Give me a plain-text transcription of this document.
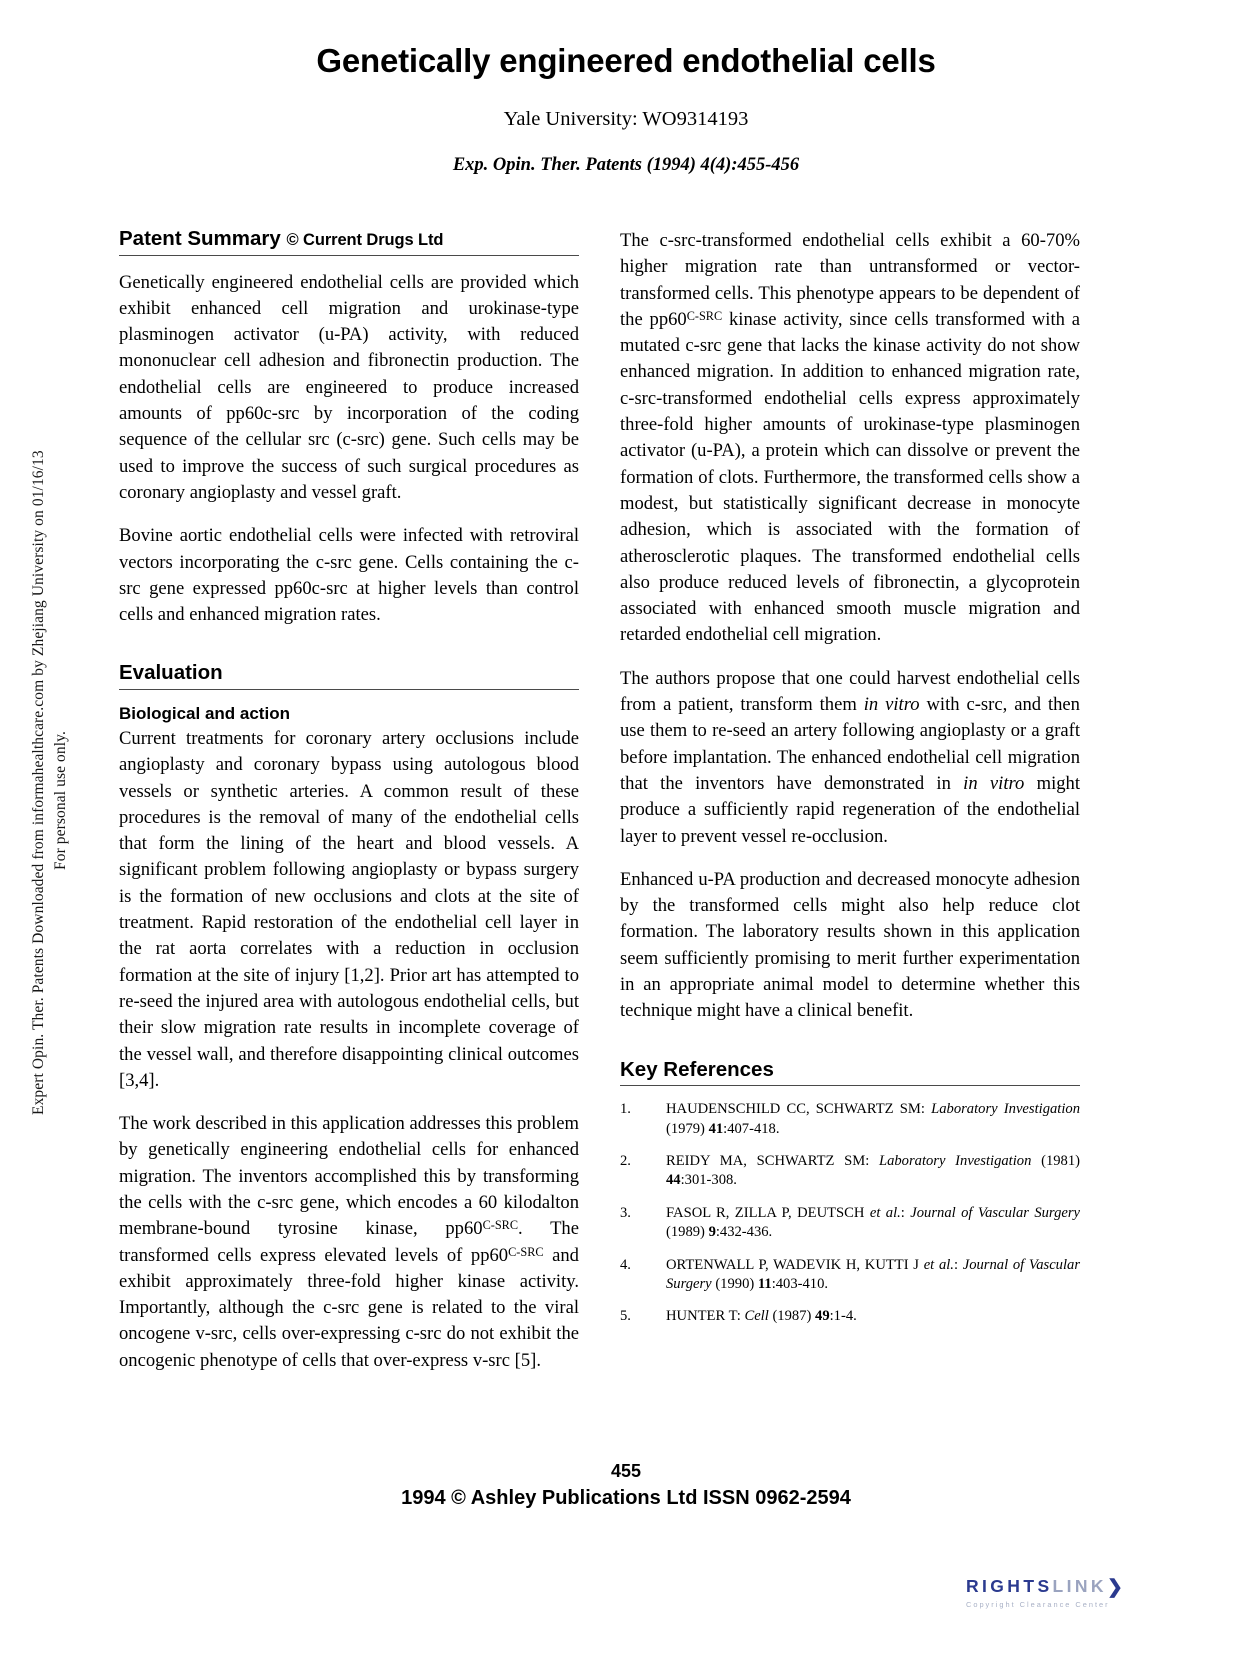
Expert Opin. Ther. Patents Downloaded from informahealthcare.com by Zhejiang University on 01/16/13 For personal use only.
Genetically engineered endothelial cells
Yale University: WO9314193
Exp. Opin. Ther. Patents (1994) 4(4):455-456
Patent Summary © Current Drugs Ltd

Genetically engineered endothelial cells are provided which exhibit enhanced cell migration and urokinase-type plasminogen activator (u-PA) activity, with reduced mononuclear cell adhesion and fibronectin production. The endothelial cells are engineered to produce increased amounts of pp60c-src by incorporation of the coding sequence of the cellular src (c-src) gene. Such cells may be used to improve the success of such surgical procedures as coronary angioplasty and vessel graft.

Bovine aortic endothelial cells were infected with retroviral vectors incorporating the c-src gene. Cells containing the c-src gene expressed pp60c-src at higher levels than control cells and enhanced migration rates.

Evaluation
Biological and action

Current treatments for coronary artery occlusions include angioplasty and coronary bypass using autologous blood vessels or synthetic arteries. A common result of these procedures is the removal of many of the endothelial cells that form the lining of the heart and blood vessels. A significant problem following angioplasty or bypass surgery is the formation of new occlusions and clots at the site of treatment. Rapid restoration of the endothelial cell layer in the rat aorta correlates with a reduction in occlusion formation at the site of injury [1,2]. Prior art has attempted to re-seed the injured area with autologous endothelial cells, but their slow migration rate results in incomplete coverage of the vessel wall, and therefore disappointing clinical outcomes [3,4].

The work described in this application addresses this problem by genetically engineering endothelial cells for enhanced migration. The inventors accomplished this by transforming the cells with the c-src gene, which encodes a 60 kilodalton membrane-bound tyrosine kinase, $pp60^{C-SRC}$. The transformed cells express elevated levels of $pp60^{C-SRC}$ and exhibit approximately three-fold higher kinase activity. Importantly, although the c-src gene is related to the viral oncogene v-src, cells over-expressing c-src do not exhibit the oncogenic phenotype of cells that over-express v-src [5].

The c-src-transformed endothelial cells exhibit a 60-70% higher migration rate than untransformed or vector-transformed cells. This phenotype appears to be dependent of the $pp60^{C-SRC}$ kinase activity, since cells transformed with a mutated c-src gene that lacks the kinase activity do not show enhanced migration. In addition to enhanced migration rate, c-src-transformed endothelial cells express approximately three-fold higher amounts of urokinase-type plasminogen activator (u-PA), a protein which can dissolve or prevent the formation of clots. Furthermore, the transformed cells show a modest, but statistically significant decrease in monocyte adhesion, which is associated with the formation of atherosclerotic plaques. The transformed endothelial cells also produce reduced levels of fibronectin, a glycoprotein associated with enhanced smooth muscle migration and retarded endothelial cell migration.

The authors propose that one could harvest endothelial cells from a patient, transform them in vitro with c-src, and then use them to re-seed an artery following angioplasty or a graft before implantation. The enhanced endothelial cell migration that the inventors have demonstrated in in vitro might produce a sufficiently rapid regeneration of the endothelial layer to prevent vessel re-occlusion.

Enhanced u-PA production and decreased monocyte adhesion by the transformed cells might also help reduce clot formation. The laboratory results shown in this application seem sufficiently promising to merit further experimentation in an appropriate animal model to determine whether this technique might have a clinical benefit.

Key References
1.	HAUDENSCHILD CC, SCHWARTZ SM: Laboratory Investigation (1979) 41:407-418.
2.	REIDY MA, SCHWARTZ SM: Laboratory Investigation (1981) 44:301-308.
3.	FASOL R, ZILLA P, DEUTSCH et al.: Journal of Vascular Surgery (1989) 9:432-436.
4.	ORTENWALL P, WADEVIK H, KUTTI J et al.: Journal of Vascular Surgery (1990) 11:403-410.
5.	HUNTER T: Cell (1987) 49:1-4.
455
1994 © Ashley Publications Ltd ISSN 0962-2594
RIGHTSLINK❯
Copyright Clearance Center
